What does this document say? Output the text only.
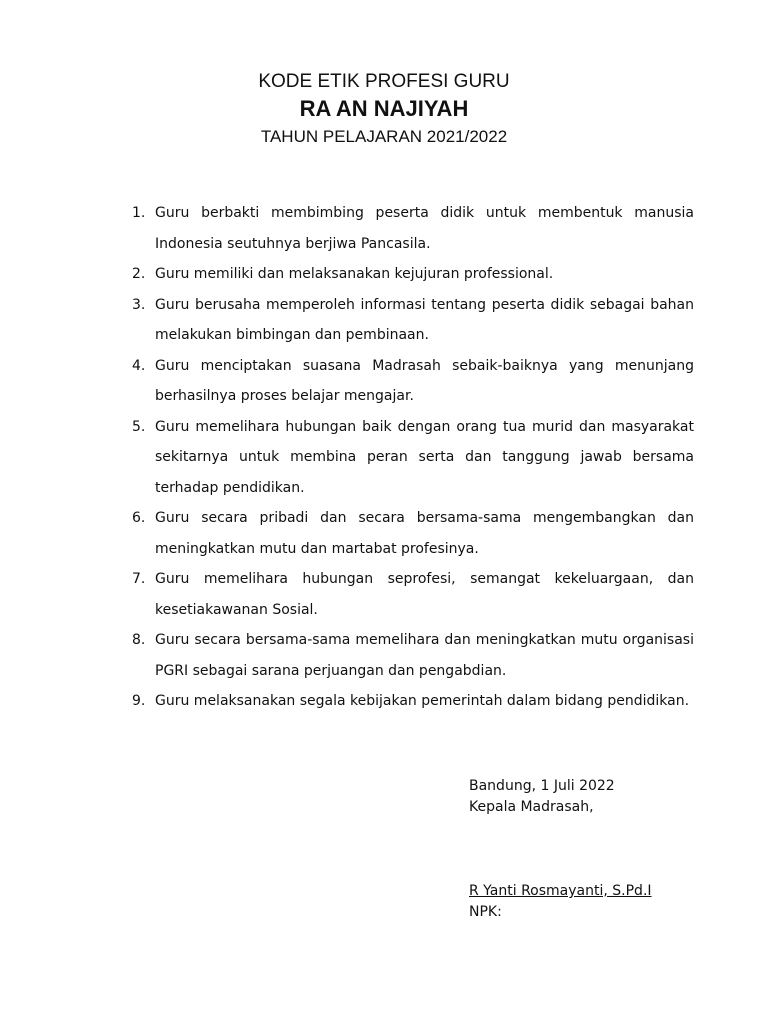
KODE ETIK PROFESI GURU
RA AN NAJIYAH
TAHUN PELAJARAN 2021/2022
1. Guru berbakti membimbing peserta didik untuk membentuk manusia Indonesia seutuhnya berjiwa Pancasila.
2. Guru memiliki dan melaksanakan kejujuran professional.
3. Guru berusaha memperoleh informasi tentang peserta didik sebagai bahan melakukan bimbingan dan pembinaan.
4. Guru menciptakan suasana Madrasah sebaik-baiknya yang menunjang berhasilnya proses belajar mengajar.
5. Guru memelihara hubungan baik dengan orang tua murid dan masyarakat sekitarnya untuk membina peran serta dan tanggung jawab bersama terhadap pendidikan.
6. Guru secara pribadi dan secara bersama-sama mengembangkan dan meningkatkan mutu dan martabat profesinya.
7. Guru memelihara hubungan seprofesi, semangat kekeluargaan, dan kesetiakawanan Sosial.
8. Guru secara bersama-sama memelihara dan meningkatkan mutu organisasi PGRI sebagai sarana perjuangan dan pengabdian.
9. Guru melaksanakan segala kebijakan pemerintah dalam bidang pendidikan.
Bandung, 1 Juli 2022
Kepala Madrasah,
R Yanti Rosmayanti, S.Pd.I
NPK:
